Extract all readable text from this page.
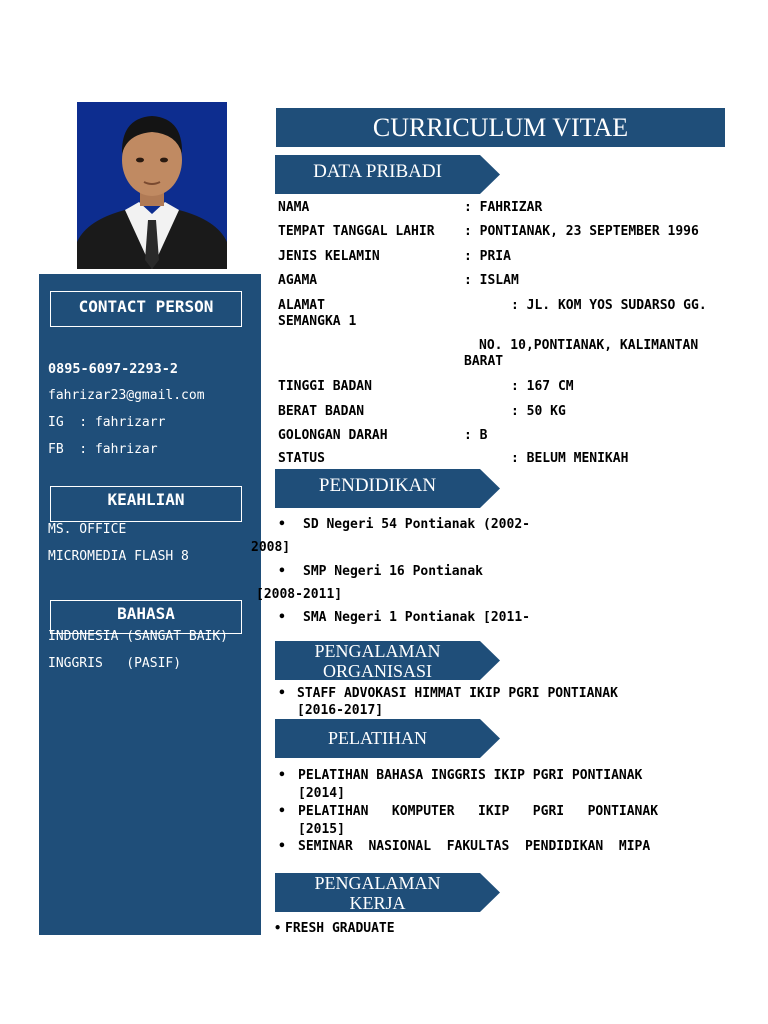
CONTACT PERSON
0895-6097-2293-2
fahrizar23@gmail.com
IG  : fahrizarr
FB  : fahrizar
KEAHLIAN
MS. OFFICE
MICROMEDIA FLASH 8
BAHASA
INDONESIA (SANGAT BAIK)
INGGRIS   (PASIF)
CURRICULUM VITAE
DATA PRIBADI
NAMA	: FAHRIZAR
TEMPAT TANGGAL LAHIR : PONTIANAK, 23 SEPTEMBER 1996
JENIS KELAMIN	: PRIA
AGAMA	: ISLAM
ALAMAT	: JL. KOM YOS SUDARSO GG.
SEMANGKA 1
NO. 10,PONTIANAK, KALIMANTAN
BARAT
TINGGI BADAN	: 167 CM
BERAT BADAN	: 50 KG
GOLONGAN DARAH	: B
STATUS	: BELUM MENIKAH
PENDIDIKAN
• SD Negeri 54 Pontianak (2002-
2008]
• SMP Negeri 16 Pontianak
[2008-2011]
• SMA Negeri 1 Pontianak [2011-
PENGALAMAN
ORGANISASI
• STAFF ADVOKASI HIMMAT IKIP PGRI PONTIANAK
[2016-2017]
PELATIHAN
• PELATIHAN BAHASA INGGRIS IKIP PGRI PONTIANAK
[2014]
• PELATIHAN   KOMPUTER   IKIP   PGRI   PONTIANAK
[2015]
• SEMINAR  NASIONAL  FAKULTAS  PENDIDIKAN  MIPA
PENGALAMAN
KERJA
• FRESH GRADUATE
